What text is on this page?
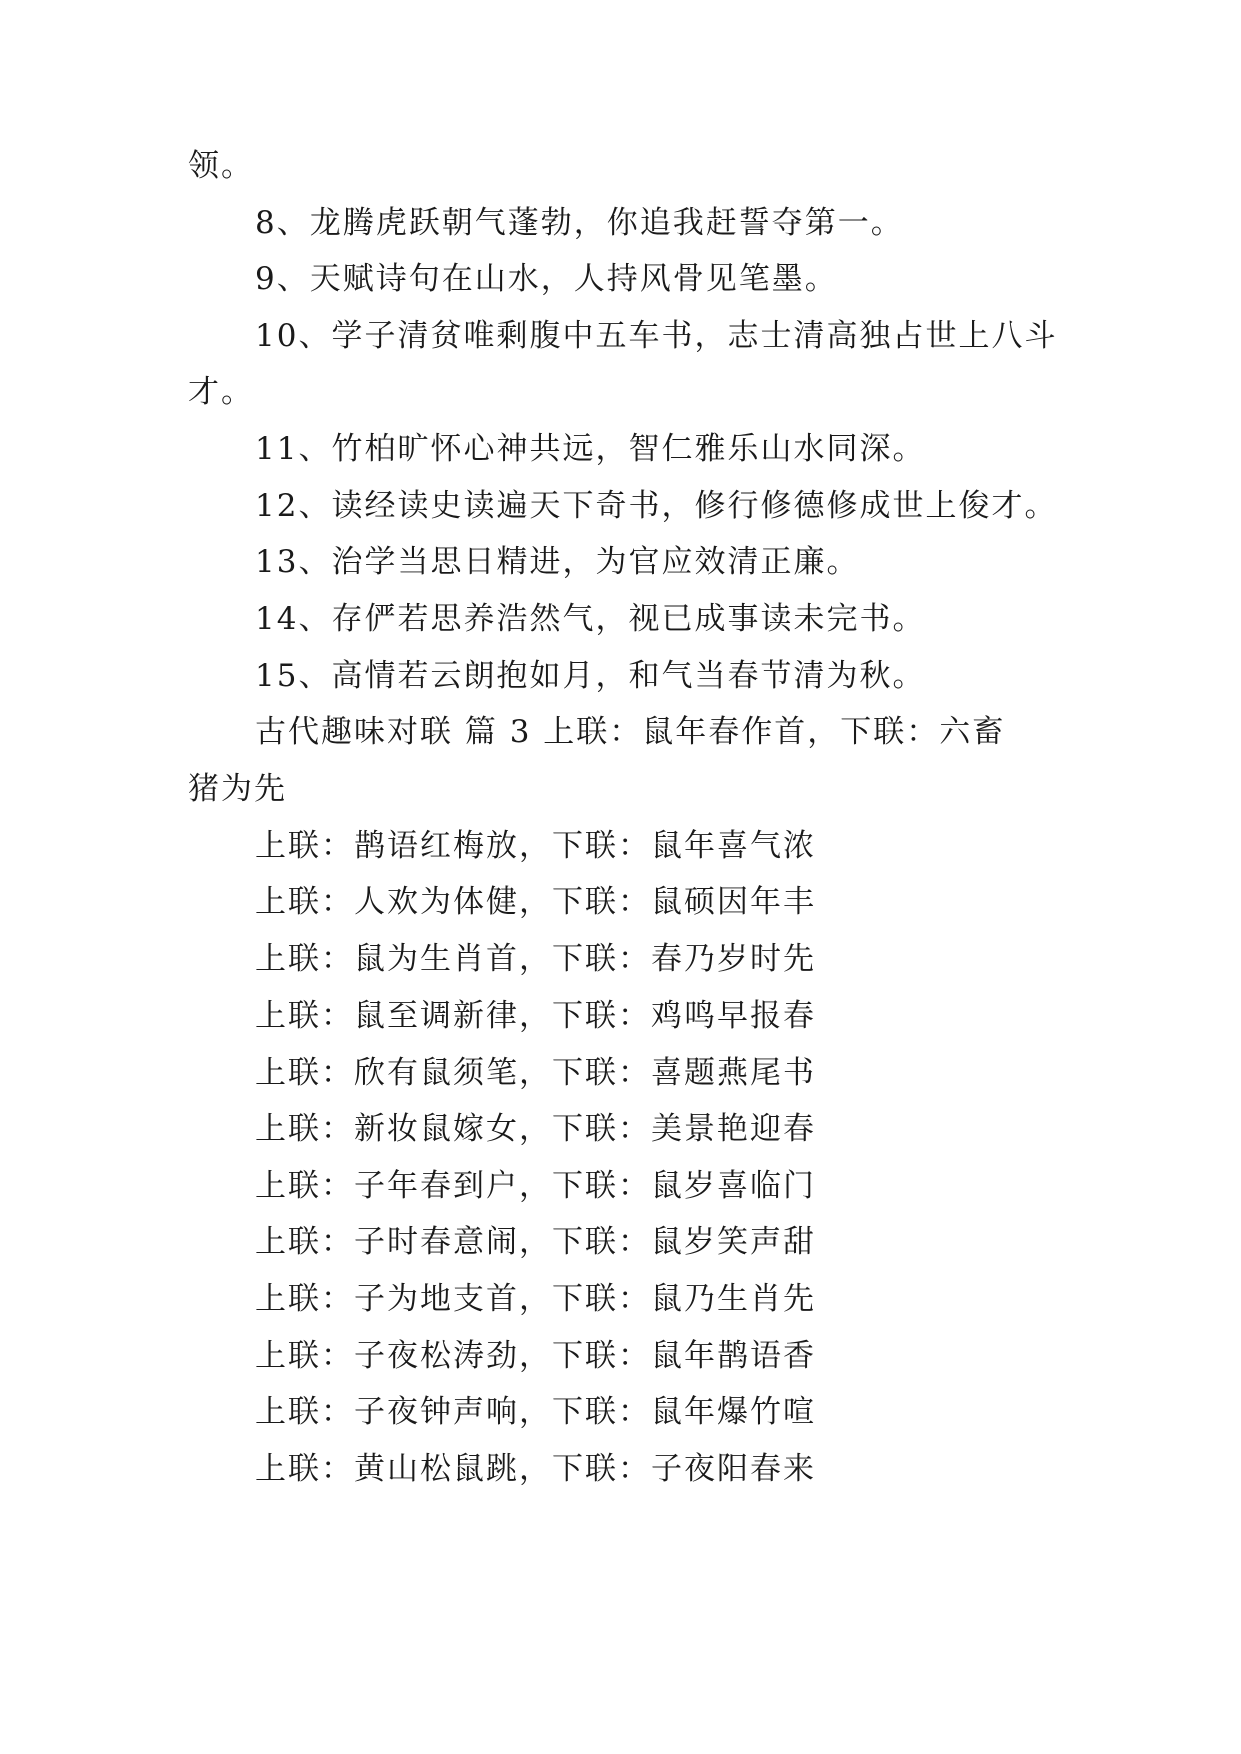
领。
8、龙腾虎跃朝气蓬勃，你追我赶誓夺第一。
9、天赋诗句在山水，人持风骨见笔墨。
10、学子清贫唯剩腹中五车书，志士清高独占世上八斗
才。
11、竹柏旷怀心神共远，智仁雅乐山水同深。
12、读经读史读遍天下奇书，修行修德修成世上俊才。
13、治学当思日精进，为官应效清正廉。
14、存俨若思养浩然气，视已成事读未完书。
15、高情若云朗抱如月，和气当春节清为秋。
古代趣味对联 篇 3 上联：鼠年春作首，下联：六畜
猪为先
上联：鹊语红梅放，下联：鼠年喜气浓
上联：人欢为体健，下联：鼠硕因年丰
上联：鼠为生肖首，下联：春乃岁时先
上联：鼠至调新律，下联：鸡鸣早报春
上联：欣有鼠须笔，下联：喜题燕尾书
上联：新妆鼠嫁女，下联：美景艳迎春
上联：子年春到户，下联：鼠岁喜临门
上联：子时春意闹，下联：鼠岁笑声甜
上联：子为地支首，下联：鼠乃生肖先
上联：子夜松涛劲，下联：鼠年鹊语香
上联：子夜钟声响，下联：鼠年爆竹喧
上联：黄山松鼠跳，下联：子夜阳春来
